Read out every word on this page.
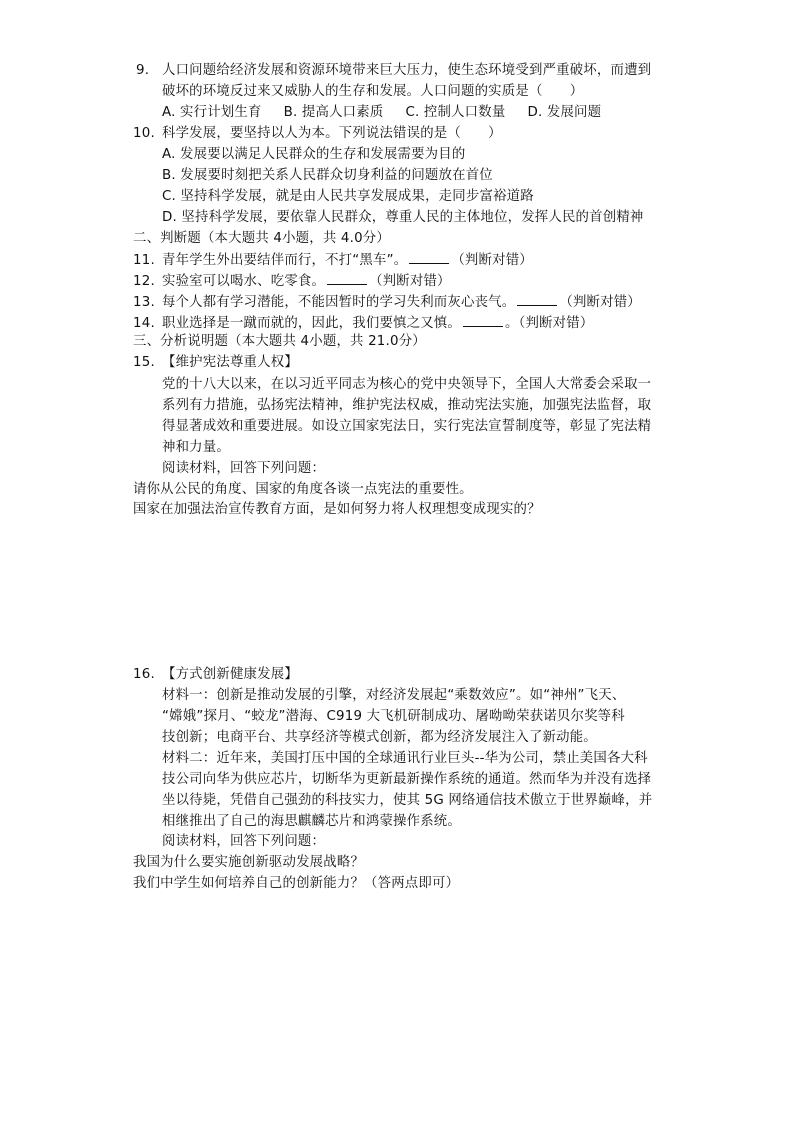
9. 人口问题给经济发展和资源环境带来巨大压力，使生态环境受到严重破坏，而遭到
破坏的环境反过来又威胁人的生存和发展。人口问题的实质是（　　）
A. 实行计划生育 B. 提高人口素质 C. 控制人口数量 D. 发展问题
10. 科学发展，要坚持以人为本。下列说法错误的是（　　）
A. 发展要以满足人民群众的生存和发展需要为目的
B. 发展要时刻把关系人民群众切身利益的问题放在首位
C. 坚持科学发展，就是由人民共享发展成果，走同步富裕道路
D. 坚持科学发展，要依靠人民群众，尊重人民的主体地位，发挥人民的首创精神
二、判断题（本大题共 4小题，共 4.0分）
11. 青年学生外出要结伴而行，不打“黑车”。	（判断对错）
12. 实验室可以喝水、吃零食。	（判断对错）
13. 每个人都有学习潜能，不能因暂时的学习失利而灰心丧气。	（判断对错）
14. 职业选择是一蹴而就的，因此，我们要慎之又慎。	。（判断对错）
三、分析说明题（本大题共 4小题，共 21.0分）
15. 【维护宪法尊重人权】
党的十八大以来，在以习近平同志为核心的党中央领导下，全国人大常委会采取一
系列有力措施，弘扬宪法精神，维护宪法权威，推动宪法实施，加强宪法监督，取
得显著成效和重要进展。如设立国家宪法日，实行宪法宣誓制度等，彰显了宪法精
神和力量。
阅读材料，回答下列问题：
请你从公民的角度、国家的角度各谈一点宪法的重要性。
国家在加强法治宣传教育方面，是如何努力将人权理想变成现实的？
16. 【方式创新健康发展】
材料一：创新是推动发展的引擎，对经济发展起“乘数效应”。如“神州”飞天、
“嫦娥”探月、“蛟龙”潜海、C919 大飞机研制成功、屠呦呦荣获诺贝尔奖等科
技创新；电商平台、共享经济等模式创新，都为经济发展注入了新动能。
材料二：近年来，美国打压中国的全球通讯行业巨头--华为公司，禁止美国各大科
技公司向华为供应芯片，切断华为更新最新操作系统的通道。然而华为并没有选择
坐以待毙，凭借自己强劲的科技实力，使其 5G 网络通信技术傲立于世界巅峰，并
相继推出了自己的海思麒麟芯片和鸿蒙操作系统。
阅读材料，回答下列问题：
我国为什么要实施创新驱动发展战略？
我们中学生如何培养自己的创新能力？（答两点即可）
